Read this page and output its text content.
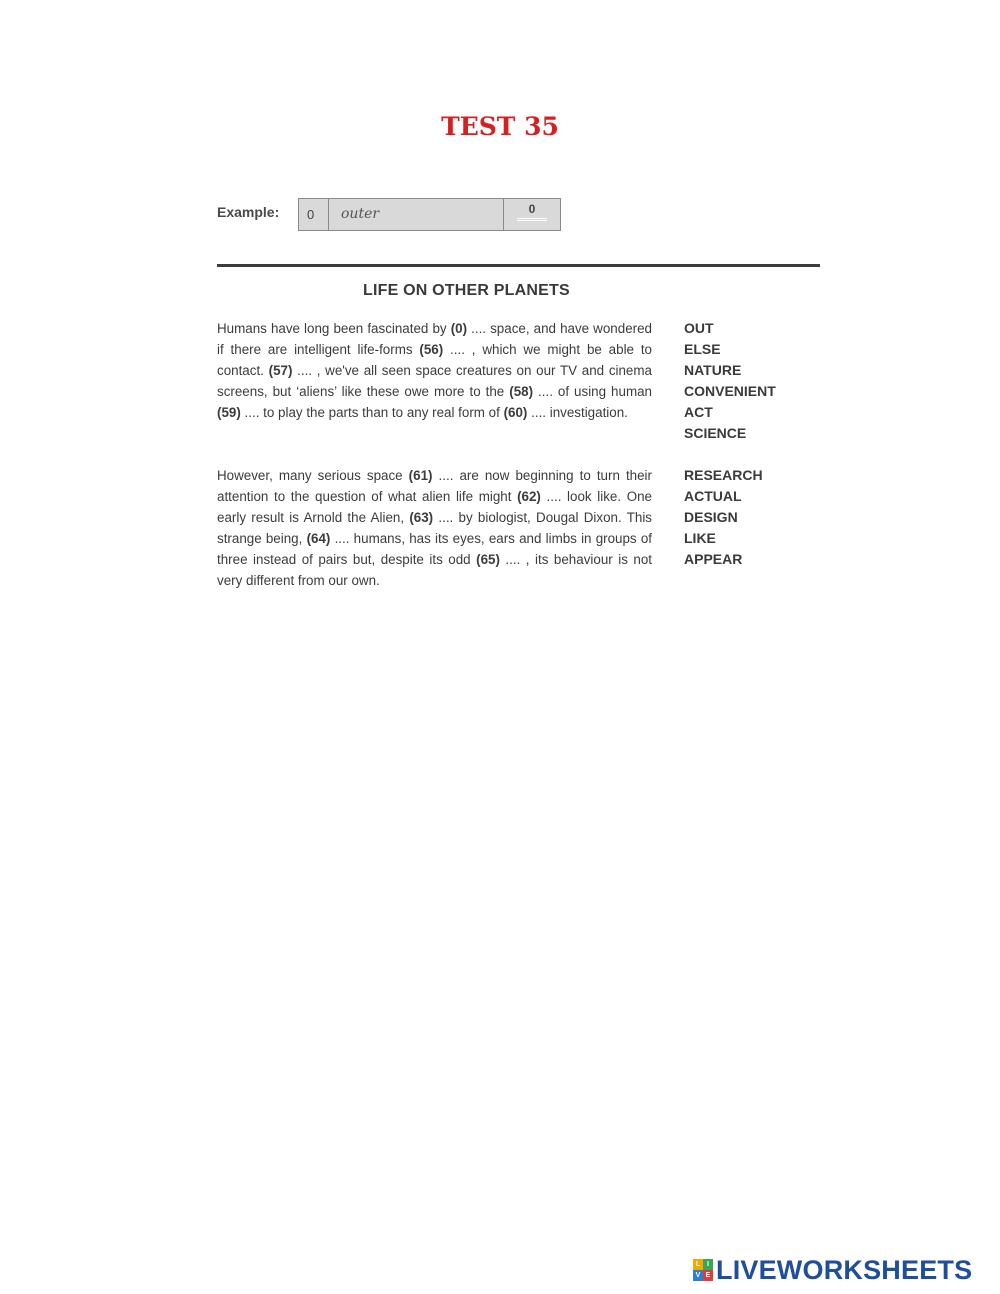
TEST 35
Example:	0	outer	0
LIFE ON OTHER PLANETS
Humans have long been fascinated by (0) .... space, and have wondered if there are intelligent life-forms (56) .... , which we might be able to contact. (57) .... , we've all seen space creatures on our TV and cinema screens, but ‘aliens’ like these owe more to the (58) .... of using human (59) .... to play the parts than to any real form of (60) .... investigation.
However, many serious space (61) .... are now beginning to turn their attention to the question of what alien life might (62) .... look like. One early result is Arnold the Alien, (63) .... by biologist, Dougal Dixon. This strange being, (64) .... humans, has its eyes, ears and limbs in groups of three instead of pairs but, despite its odd (65) .... , its behaviour is not very different from our own.
OUT
ELSE
NATURE
CONVENIENT
ACT
SCIENCE
RESEARCH
ACTUAL
DESIGN
LIKE
APPEAR
L I
V E LIVEWORKSHEETS
